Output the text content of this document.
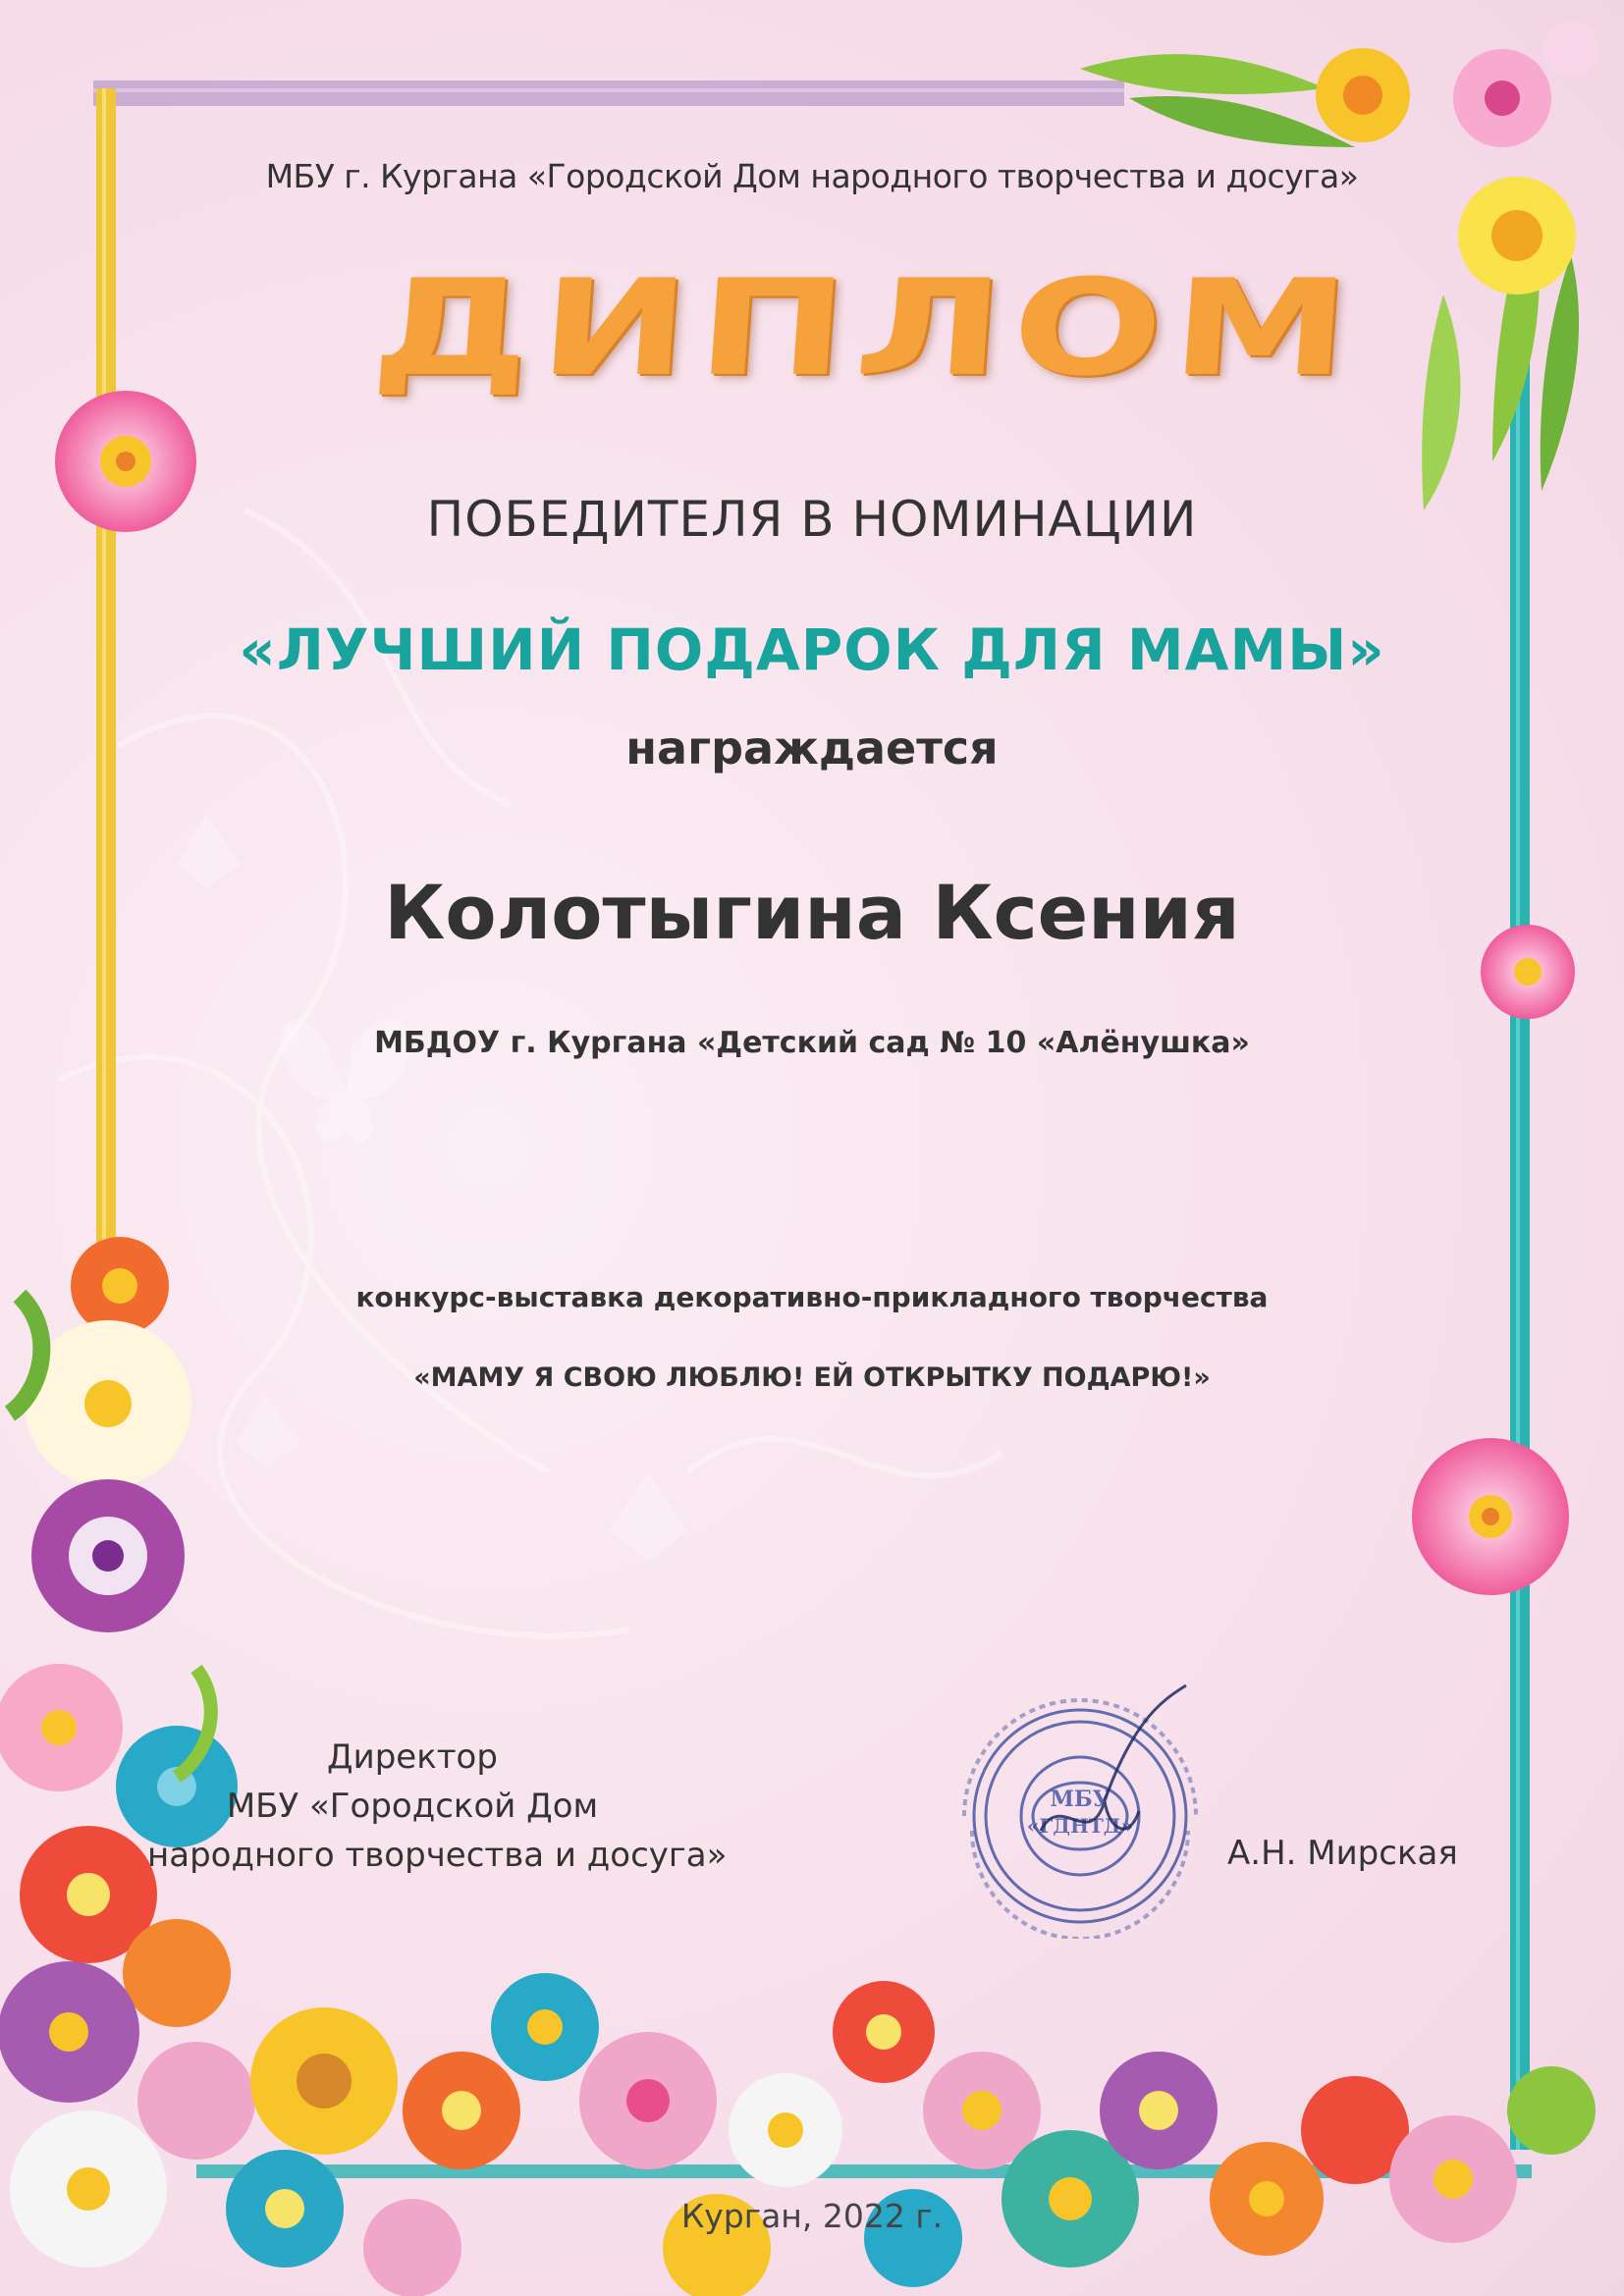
МБУ г. Кургана «Городской Дом народного творчества и досуга»
ДИПЛОМ
ПОБЕДИТЕЛЯ В НОМИНАЦИИ
«ЛУЧШИЙ ПОДАРОК ДЛЯ МАМЫ»
награждается
Колотыгина Ксения
МБДОУ г. Кургана «Детский сад № 10 «Алёнушка»
конкурс-выставка декоративно-прикладного творчества
«МАМУ Я СВОЮ ЛЮБЛЮ! ЕЙ ОТКРЫТКУ ПОДАРЮ!»
Директор
МБУ «Городской Дом
народного творчества и досуга»
МБУ
«ГДНТД»
А.Н. Мирская
Курган, 2022 г.
